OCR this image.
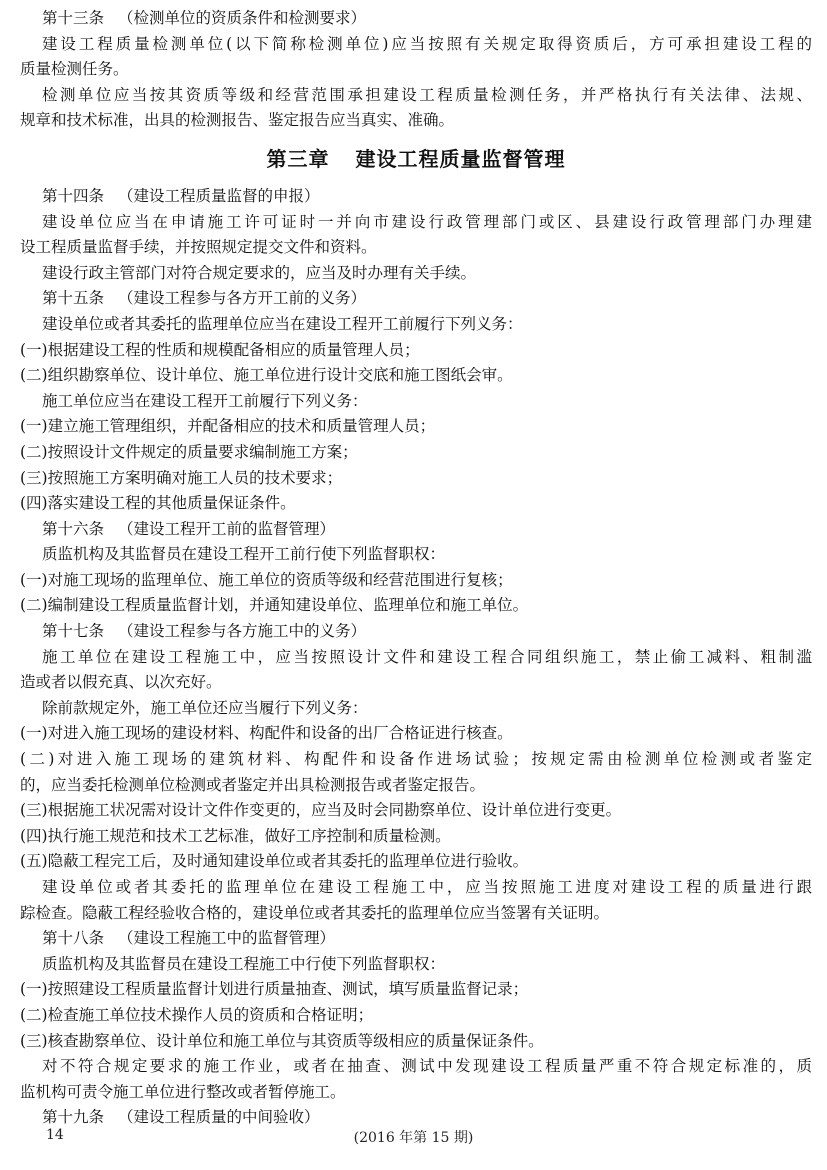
第十三条 （检测单位的资质条件和检测要求）
建设工程质量检测单位(以下简称检测单位)应当按照有关规定取得资质后，方可承担建设工程的
质量检测任务。
检测单位应当按其资质等级和经营范围承担建设工程质量检测任务，并严格执行有关法律、法规、
规章和技术标准，出具的检测报告、鉴定报告应当真实、准确。
第三章 建设工程质量监督管理
第十四条 （建设工程质量监督的申报）
建设单位应当在申请施工许可证时一并向市建设行政管理部门或区、县建设行政管理部门办理建
设工程质量监督手续，并按照规定提交文件和资料。
建设行政主管部门对符合规定要求的，应当及时办理有关手续。
第十五条 （建设工程参与各方开工前的义务）
建设单位或者其委托的监理单位应当在建设工程开工前履行下列义务：
(一)根据建设工程的性质和规模配备相应的质量管理人员；
(二)组织勘察单位、设计单位、施工单位进行设计交底和施工图纸会审。
施工单位应当在建设工程开工前履行下列义务：
(一)建立施工管理组织，并配备相应的技术和质量管理人员；
(二)按照设计文件规定的质量要求编制施工方案；
(三)按照施工方案明确对施工人员的技术要求；
(四)落实建设工程的其他质量保证条件。
第十六条 （建设工程开工前的监督管理）
质监机构及其监督员在建设工程开工前行使下列监督职权：
(一)对施工现场的监理单位、施工单位的资质等级和经营范围进行复核；
(二)编制建设工程质量监督计划，并通知建设单位、监理单位和施工单位。
第十七条 （建设工程参与各方施工中的义务）
施工单位在建设工程施工中，应当按照设计文件和建设工程合同组织施工，禁止偷工减料、粗制滥
造或者以假充真、以次充好。
除前款规定外，施工单位还应当履行下列义务：
(一)对进入施工现场的建设材料、构配件和设备的出厂合格证进行核查。
(二)对进入施工现场的建筑材料、构配件和设备作进场试验；按规定需由检测单位检测或者鉴定
的，应当委托检测单位检测或者鉴定并出具检测报告或者鉴定报告。
(三)根据施工状况需对设计文件作变更的，应当及时会同勘察单位、设计单位进行变更。
(四)执行施工规范和技术工艺标准，做好工序控制和质量检测。
(五)隐蔽工程完工后，及时通知建设单位或者其委托的监理单位进行验收。
建设单位或者其委托的监理单位在建设工程施工中，应当按照施工进度对建设工程的质量进行跟
踪检查。隐蔽工程经验收合格的，建设单位或者其委托的监理单位应当签署有关证明。
第十八条 （建设工程施工中的监督管理）
质监机构及其监督员在建设工程施工中行使下列监督职权：
(一)按照建设工程质量监督计划进行质量抽查、测试，填写质量监督记录；
(二)检查施工单位技术操作人员的资质和合格证明；
(三)核查勘察单位、设计单位和施工单位与其资质等级相应的质量保证条件。
对不符合规定要求的施工作业，或者在抽查、测试中发现建设工程质量严重不符合规定标准的，质
监机构可责令施工单位进行整改或者暂停施工。
第十九条 （建设工程质量的中间验收）
14	(2016 年第 15 期)
